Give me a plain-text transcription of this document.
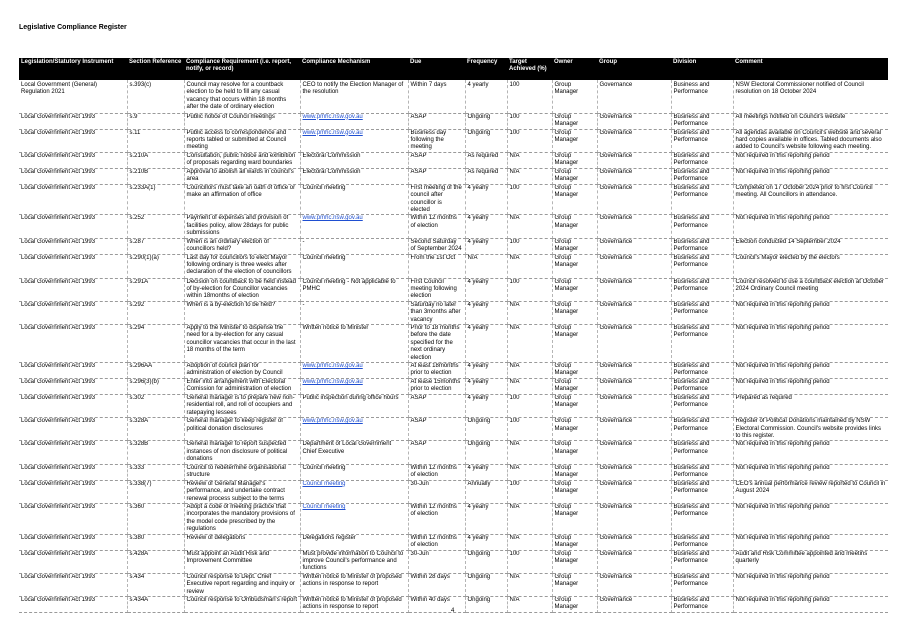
Legislative Compliance Register
Legislation/Statutory Instrument	Section Reference	Compliance Requirement (i.e. report, notify, or record)	Compliance Mechanism	Due	Frequency	Target Achieved (%)	Owner	Group	Division	Comment
Local Government (General) Regulation 2021	s.393(c)	Council may resolve for a countback election to be held to fill any casual vacancy that occurs within 18 months after the date of ordinary election	CEO to notify the Election Manager of the resolution	Within 7 days	4 yearly	100	Group Manager	Governance	Business and Performance	NSW Electoral Commissioner notified of Council resolution on 18 October 2024
Local Government Act 1993	s.9	Public notice of Council meetings	www.pmhc.nsw.gov.au	ASAP	Ongoing	100	Group Manager	Governance	Business and Performance	All meetings notified on Council's website
Local Government Act 1993	s.11	Public access to correspondence and reports tabled or submitted at Council meeting	www.pmhc.nsw.gov.au	Business day following the meeting	Ongoing	100	Group Manager	Governance	Business and Performance	All agendas available on Council's website and several hard copies available in offices. Tabled documents also added to Council's website following each meeting.
Local Government Act 1993	s.210A	Consultation, public notice and exhibition of proposals regarding ward boundaries	Electoral Commission	ASAP	As required	N/A	Group Manager	Governance	Business and Performance	Not required in this reporting period
Local Government Act 1993	s.210B	Approval to abolish all wards in council's area	Electoral Commission	ASAP	As required	N/A	Group Manager	Governance	Business and Performance	Not required in this reporting period
Local Government Act 1993	s.233A(1)	Councillors must take an oath of office or make an affirmation of office	Council meeting	First meeting of the council after councillor is elected	4 yearly	100	Group Manager	Governance	Business and Performance	Completed on 17 October 2024 prior to first Council meeting. All Councillors in attendance.
Local Government Act 1993	s.252	Payment of expenses and provision of facilities policy, allow 28days for public submissions	www.pmhc.nsw.gov.au	Within 12 months of election	4 yearly	N/A	Group Manager	Governance	Business and Performance	Not required in this reporting period
Local Government Act 1993	s.287	When is an ordinary election of councillors held?	-	Second Saturday of September 2024	4 yearly	100	Group Manager	Governance	Business and Performance	Election conducted 14 September 2024
Local Government Act 1993	s.290(1)(a)	Last day for councillors to elect Mayor following ordinary is three weeks after declaration of the election of councillors	Council meeting	From the 1st Oct	N/A	N/A	Group Manager	Governance	Business and Performance	Council's Mayor elected by the electors
Local Government Act 1993	s.291A	Decision on countback to be held instead of by-election for Councillor vacancies within 18months of election	Council meeting - Not applicable to PMHC	First Council meeting following election	4 yearly	100	Group Manager	Governance	Business and Performance	Council resolved to use a countback election at October 2024 Ordinary Council meeting
Local Government Act 1993	s.292	When is a by-election to be held?	-	Saturday no later than 3months after vacancy	4 yearly	N/A	Group Manager	Governance	Business and Performance	Not required in this reporting period
Local Government Act 1993	s.294	Apply to the Minister to dispense the need for a by-election for any casual councillor vacancies that occur in the last 18 months of the term	Written notice to Minister	Prior to 18 months before the date specified for the next ordinary election	4 yearly	N/A	Group Manager	Governance	Business and Performance	Not required in this reporting period
Local Government Act 1993	s.296AA	Adoption of council plan for administration of election by Council	www.pmhc.nsw.gov.au	At least 18months prior to election	4 yearly	N/A	Group Manager	Governance	Business and Performance	Not required in this reporting period
Local Government Act 1993	s.296(3)(b)	Enter into arrangement with Electoral Comission for administration of election	www.pmhc.nsw.gov.au	At lease 15months prior to election	4 yearly	N/A	Group Manager	Governance	Business and Performance	Not required in this reporting period
Local Government Act 1993	s.302	General manager is to prepare new non-residential roll, and roll of occupiers and ratepaying lessees	Public inspection during office hours	ASAP	4 yearly	100	Group Manager	Governance	Business and Performance	Prepared as required
Local Government Act 1993	s.328A	General manager to keep register of political donation disclosures	www.pmhc.nsw.gov.au	ASAP	Ongoing	100	Group Manager	Governance	Business and Performance	Register of Political Donations maintained by NSW Electoral Commission. Council's website provides links to this register.
Local Government Act 1993	s.328B	General manager to report suspected instances of non disclosure of political donations	Department of Local Government Chief Executive	ASAP	Ongoing	N/A	Group Manager	Governance	Business and Performance	Not required in this reporting period
Local Government Act 1993	s.333	Council to redetermine organisational structure	Council meeting	Within 12 months of election	4 yearly	N/A	Group Manager	Governance	Business and Performance	Not required in this reporting period
Local Government Act 1993	s.338(7)	Review of General Manager's performance, and undertake contract renewal process subject to the terms	Council meeting	30-Jun	Annually	100	Group Manager	Governance	Business and Performance	CEO's annual performance review reported to Council in August 2024
Local Government Act 1993	s.360	Adopt a code of meeting practice that incorporates the mandatory provisions of the model code prescribed by the regulations	Council meeting	Within 12 months of election	4 yearly	N/A	Group Manager	Governance	Business and Performance	Not required in this reporting period
Local Government Act 1993	s.380	Review of delegations	Delegations register	Within 12 months of election	4 yearly	N/A	Group Manager	Governance	Business and Performance	Not required in this reporting period
Local Government Act 1993	s.428A	Must appoint an Audit Risk and Improvement Committee	Must provide information to Council to improve Council's performance and functions	30-Jun	Ongoing	100	Group Manager	Governance	Business and Performance	Audit and Risk Committee appointed and meetins quarterly
Local Government Act 1993	s.434	Council response to Dept. Chief Executive report regarding and inquiry or review	Written notice to Minister of proposed actions in response to report	Within 28 days	Ongoing	N/A	Group Manager	Governance	Business and Performance	Not required in this reporting period
Local Government Act 1993	s.434A	Council response to Ombudsman's report	Written notice to Minister of proposed actions in response to report	Within 40 days	Ongoing	N/A	Group Manager	Governance	Business and Performance	Not required in this reporting period
4
